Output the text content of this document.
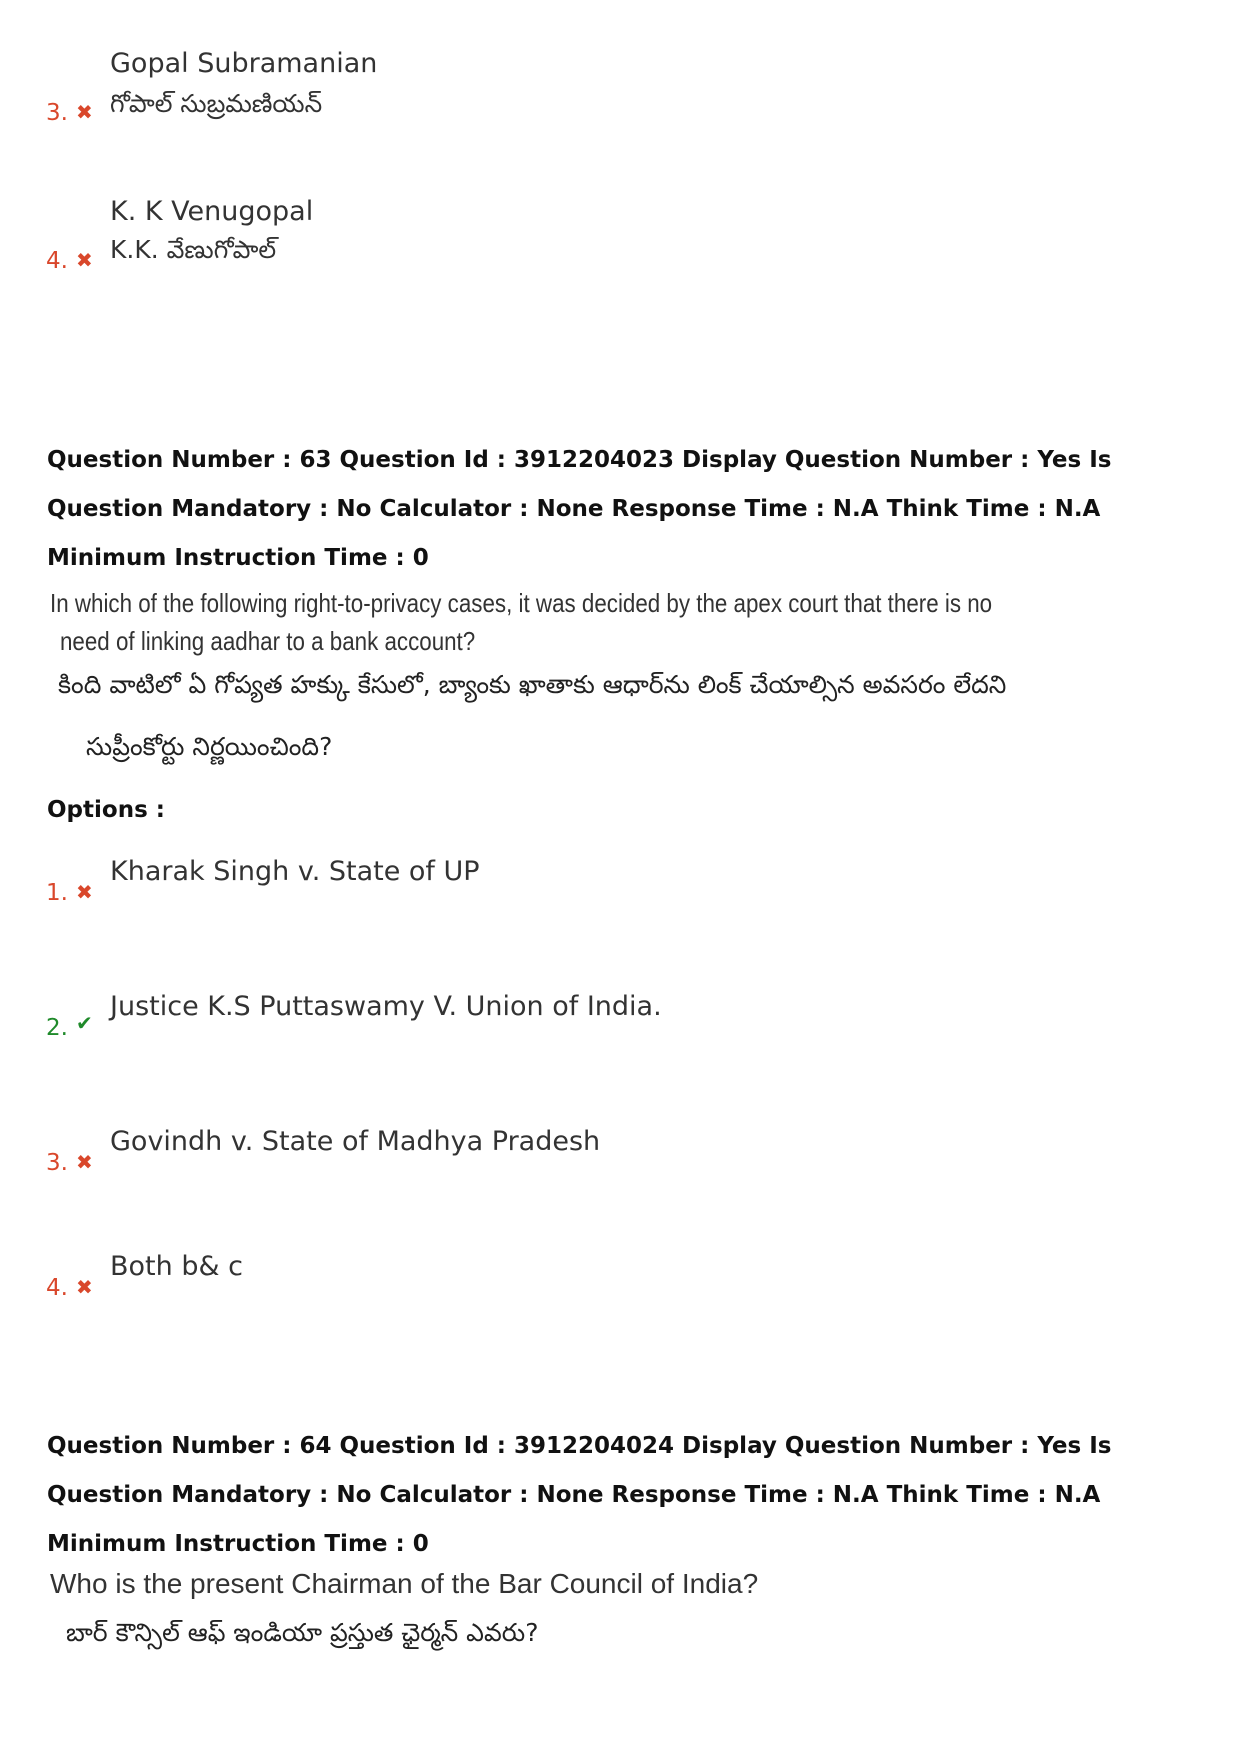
Gopal Subramanian
గోపాల్ సుబ్రమణియన్
3. ✖
K. K Venugopal
K.K. వేణుగోపాల్
4. ✖
Question Number : 63 Question Id : 3912204023 Display Question Number : Yes Is Question Mandatory : No Calculator : None Response Time : N.A Think Time : N.A Minimum Instruction Time : 0
In which of the following right-to-privacy cases, it was decided by the apex court that there is no
need of linking aadhar to a bank account?
కింది వాటిలో ఏ గోప్యత హక్కు కేసులో, బ్యాంకు ఖాతాకు ఆధార్‌ను లింక్ చేయాల్సిన అవసరం లేదని
సుప్రీంకోర్టు నిర్ణయించింది?
Options :
1. ✖
Kharak Singh v. State of UP
2. ✔
Justice K.S Puttaswamy V. Union of India.
3. ✖
Govindh v. State of Madhya Pradesh
4. ✖
Both b& c
Question Number : 64 Question Id : 3912204024 Display Question Number : Yes Is Question Mandatory : No Calculator : None Response Time : N.A Think Time : N.A Minimum Instruction Time : 0
Who is the present Chairman of the Bar Council of India?
బార్ కౌన్సిల్ ఆఫ్ ఇండియా ప్రస్తుత ఛైర్మన్ ఎవరు?
